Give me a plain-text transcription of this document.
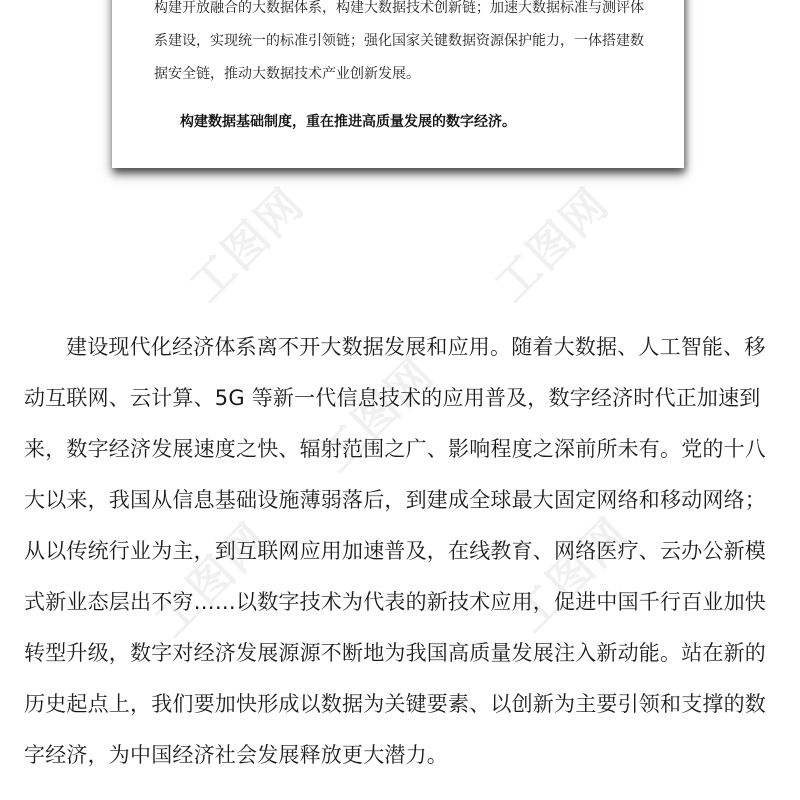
工图网	工图网
工图网
工图网	工图网
构建开放融合的大数据体系，构建大数据技术创新链；加速大数据标准与测评体
系建设，实现统一的标准引领链；强化国家关键数据资源保护能力，一体搭建数
据安全链，推动大数据技术产业创新发展。
构建数据基础制度，重在推进高质量发展的数字经济。
建设现代化经济体系离不开大数据发展和应用。随着大数据、人工智能、移
动互联网、云计算、5G 等新一代信息技术的应用普及，数字经济时代正加速到
来，数字经济发展速度之快、辐射范围之广、影响程度之深前所未有。党的十八
大以来，我国从信息基础设施薄弱落后，到建成全球最大固定网络和移动网络；
从以传统行业为主，到互联网应用加速普及，在线教育、网络医疗、云办公新模
式新业态层出不穷……以数字技术为代表的新技术应用，促进中国千行百业加快
转型升级，数字对经济发展源源不断地为我国高质量发展注入新动能。站在新的
历史起点上，我们要加快形成以数据为关键要素、以创新为主要引领和支撑的数
字经济，为中国经济社会发展释放更大潜力。
